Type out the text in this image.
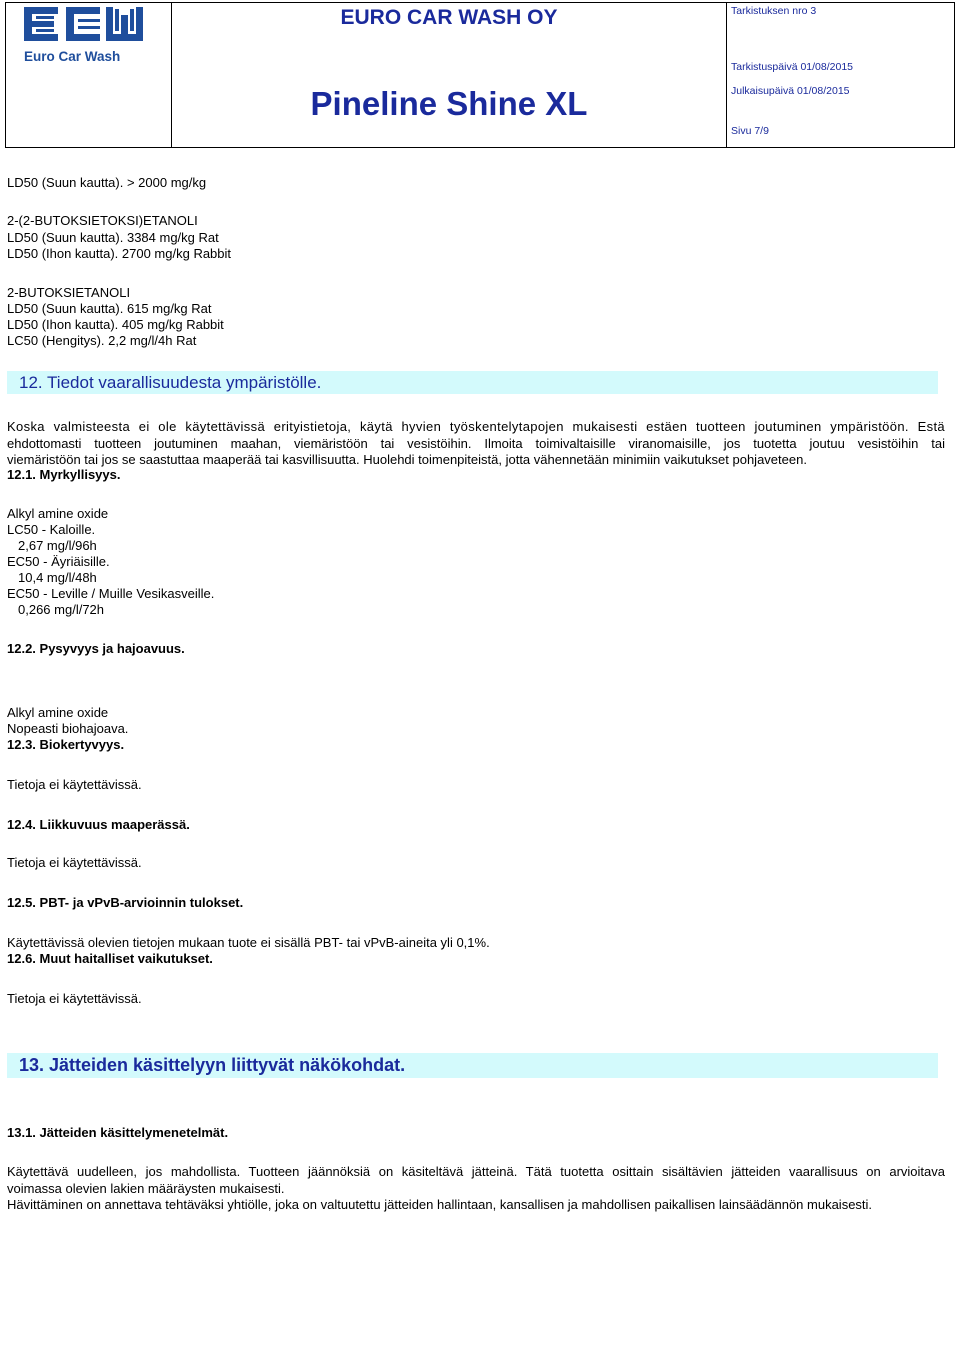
Euro Car Wash
EURO CAR WASH OY
Pineline Shine XL
Tarkistuksen nro 3
Tarkistuspäivä 01/08/2015
Julkaisupäivä 01/08/2015
Sivu 7/9
LD50 (Suun kautta). > 2000 mg/kg
2-(2-BUTOKSIETOKSI)ETANOLI
LD50 (Suun kautta). 3384 mg/kg Rat
LD50 (Ihon kautta). 2700 mg/kg Rabbit
2-BUTOKSIETANOLI
LD50 (Suun kautta). 615 mg/kg Rat
LD50 (Ihon kautta). 405 mg/kg Rabbit
LC50 (Hengitys). 2,2 mg/l/4h Rat
12. Tiedot vaarallisuudesta ympäristölle.
Koska valmisteesta ei ole käytettävissä erityistietoja, käytä hyvien työskentelytapojen mukaisesti estäen tuotteen joutuminen ympäristöön. Estä
ehdottomasti tuotteen joutuminen maahan, viemäristöön tai vesistöihin. Ilmoita toimivaltaisille viranomaisille, jos tuotetta joutuu vesistöihin tai
viemäristöön tai jos se saastuttaa maaperää tai kasvillisuutta. Huolehdi toimenpiteistä, jotta vähennetään minimiin vaikutukset pohjaveteen.
12.1. Myrkyllisyys.
Alkyl amine oxide
LC50 - Kaloille.
2,67 mg/l/96h
EC50 - Äyriäisille.
10,4 mg/l/48h
EC50 - Leville / Muille Vesikasveille.
0,266 mg/l/72h
12.2. Pysyvyys ja hajoavuus.
Alkyl amine oxide
Nopeasti biohajoava.
12.3. Biokertyvyys.
Tietoja ei käytettävissä.
12.4. Liikkuvuus maaperässä.
Tietoja ei käytettävissä.
12.5. PBT- ja vPvB-arvioinnin tulokset.
Käytettävissä olevien tietojen mukaan tuote ei sisällä PBT- tai vPvB-aineita yli 0,1%.
12.6. Muut haitalliset vaikutukset.
Tietoja ei käytettävissä.
13. Jätteiden käsittelyyn liittyvät näkökohdat.
13.1. Jätteiden käsittelymenetelmät.
Käytettävä uudelleen, jos mahdollista. Tuotteen jäännöksiä on käsiteltävä jätteinä. Tätä tuotetta osittain sisältävien jätteiden vaarallisuus on arvioitava
voimassa olevien lakien määräysten mukaisesti.
Hävittäminen on annettava tehtäväksi yhtiölle, joka on valtuutettu jätteiden hallintaan, kansallisen ja mahdollisen paikallisen lainsäädännön mukaisesti.
